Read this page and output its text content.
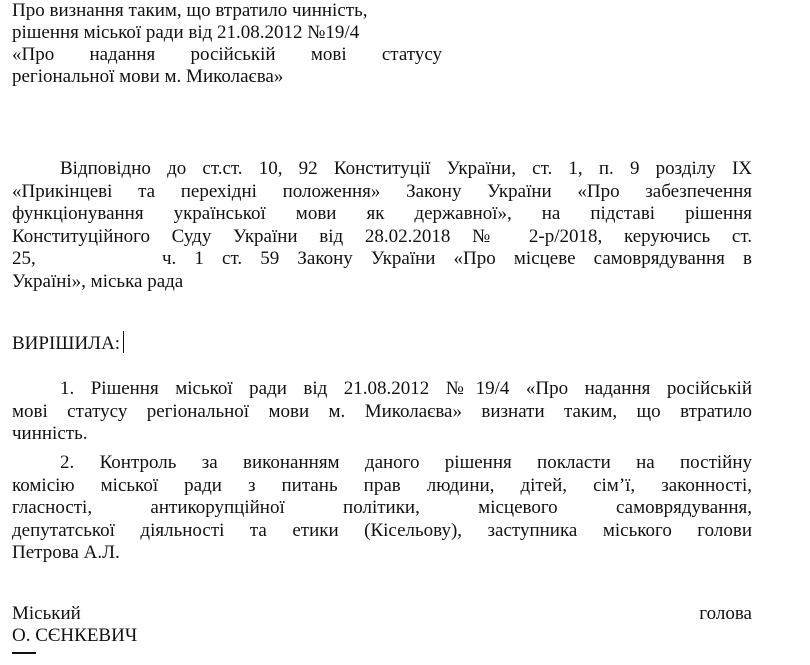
Про визнання таким, що втратило чинність,
рішення міської ради від 21.08.2012 №19/4
«Про надання російській мові статусу
регіональної мови м. Миколаєва»
Відповідно до ст.ст. 10, 92 Конституції України, ст. 1, п. 9 розділу IX
«Прикінцеві та перехідні положення» Закону України «Про забезпечення
функціонування української мови як державної», на підставі рішення
Конституційного Суду України від 28.02.2018 № 2-р/2018, керуючись ст.
25,	ч. 1 ст. 59 Закону України «Про місцеве самоврядування в
Україні», міська рада
ВИРІШИЛА:
1. Рішення міської ради від 21.08.2012 №19/4 «Про надання російській
мові статусу регіональної мови м. Миколаєва» визнати таким, що втратило
чинність.
2. Контроль за виконанням даного рішення покласти на постійну
комісію міської ради з питань прав людини, дітей, сім’ї, законності,
гласності, антикорупційної політики, місцевого самоврядування,
депутатської діяльності та етики (Кісельову), заступника міського голови
Петрова А.Л.
Міський	голова
О. СЄНКЕВИЧ
